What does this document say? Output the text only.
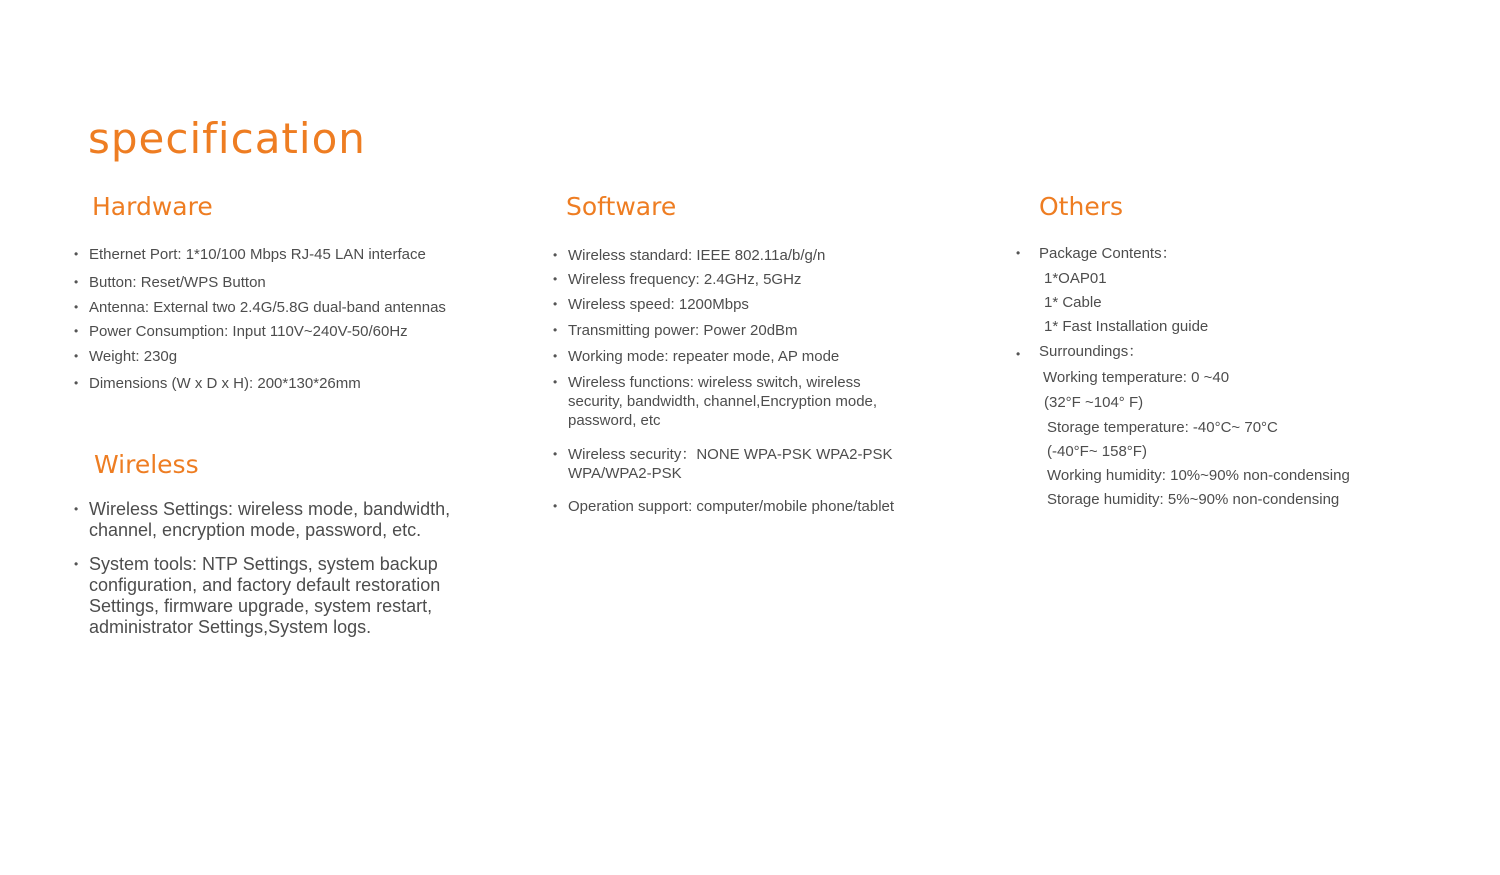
specification
Hardware
• Ethernet Port: 1*10/100 Mbps RJ-45 LAN interface
• Button: Reset/WPS Button
• Antenna: External two 2.4G/5.8G dual-band antennas
• Power Consumption: Input 110V~240V-50/60Hz
• Weight: 230g
• Dimensions (W x D x H): 200*130*26mm
Wireless
• Wireless Settings: wireless mode, bandwidth, channel, encryption mode, password, etc.
• System tools: NTP Settings, system backup configuration, and factory default restoration Settings, firmware upgrade, system restart, administrator Settings,System logs.
Software
• Wireless standard: IEEE 802.11a/b/g/n
• Wireless frequency: 2.4GHz, 5GHz
• Wireless speed: 1200Mbps
• Transmitting power: Power 20dBm
• Working mode: repeater mode, AP mode
• Wireless functions: wireless switch, wireless security, bandwidth, channel,Encryption mode, password, etc
• Wireless security：NONE WPA-PSK WPA2-PSK WPA/WPA2-PSK
• Operation support: computer/mobile phone/tablet
Others
• Package Contents：
1*OAP01
1* Cable
1* Fast Installation guide
• Surroundings：
Working temperature: 0 ~40
(32°F ~104° F)
Storage temperature: -40°C~ 70°C
(-40°F~ 158°F)
Working humidity: 10%~90% non-condensing
Storage humidity: 5%~90% non-condensing
